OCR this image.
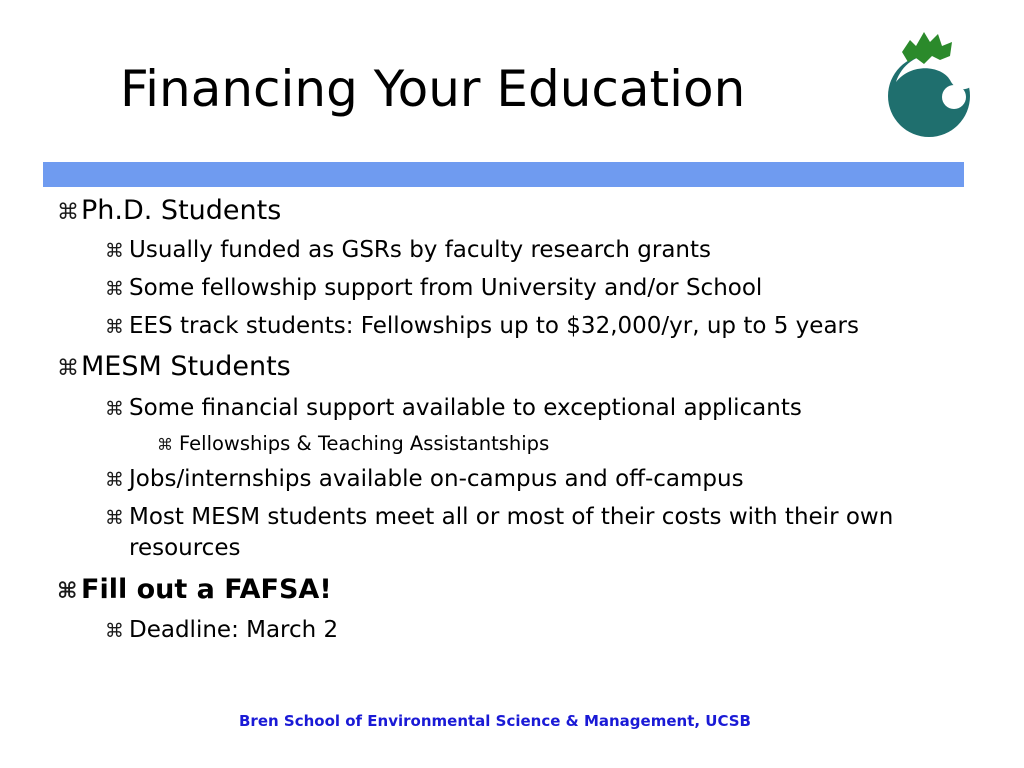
Financing Your Education
⌘Ph.D. Students
⌘ Usually funded as GSRs by faculty research grants
⌘ Some fellowship support from University and/or School
⌘ EES track students: Fellowships up to $32,000/yr, up to 5 years
⌘MESM Students
⌘ Some financial support available to exceptional applicants
⌘ Fellowships & Teaching Assistantships
⌘ Jobs/internships available on-campus and off-campus
⌘ Most MESM students meet all or most of their costs with their own resources
⌘ Fill out a FAFSA!
⌘ Deadline: March 2
Bren School of Environmental Science & Management, UCSB
